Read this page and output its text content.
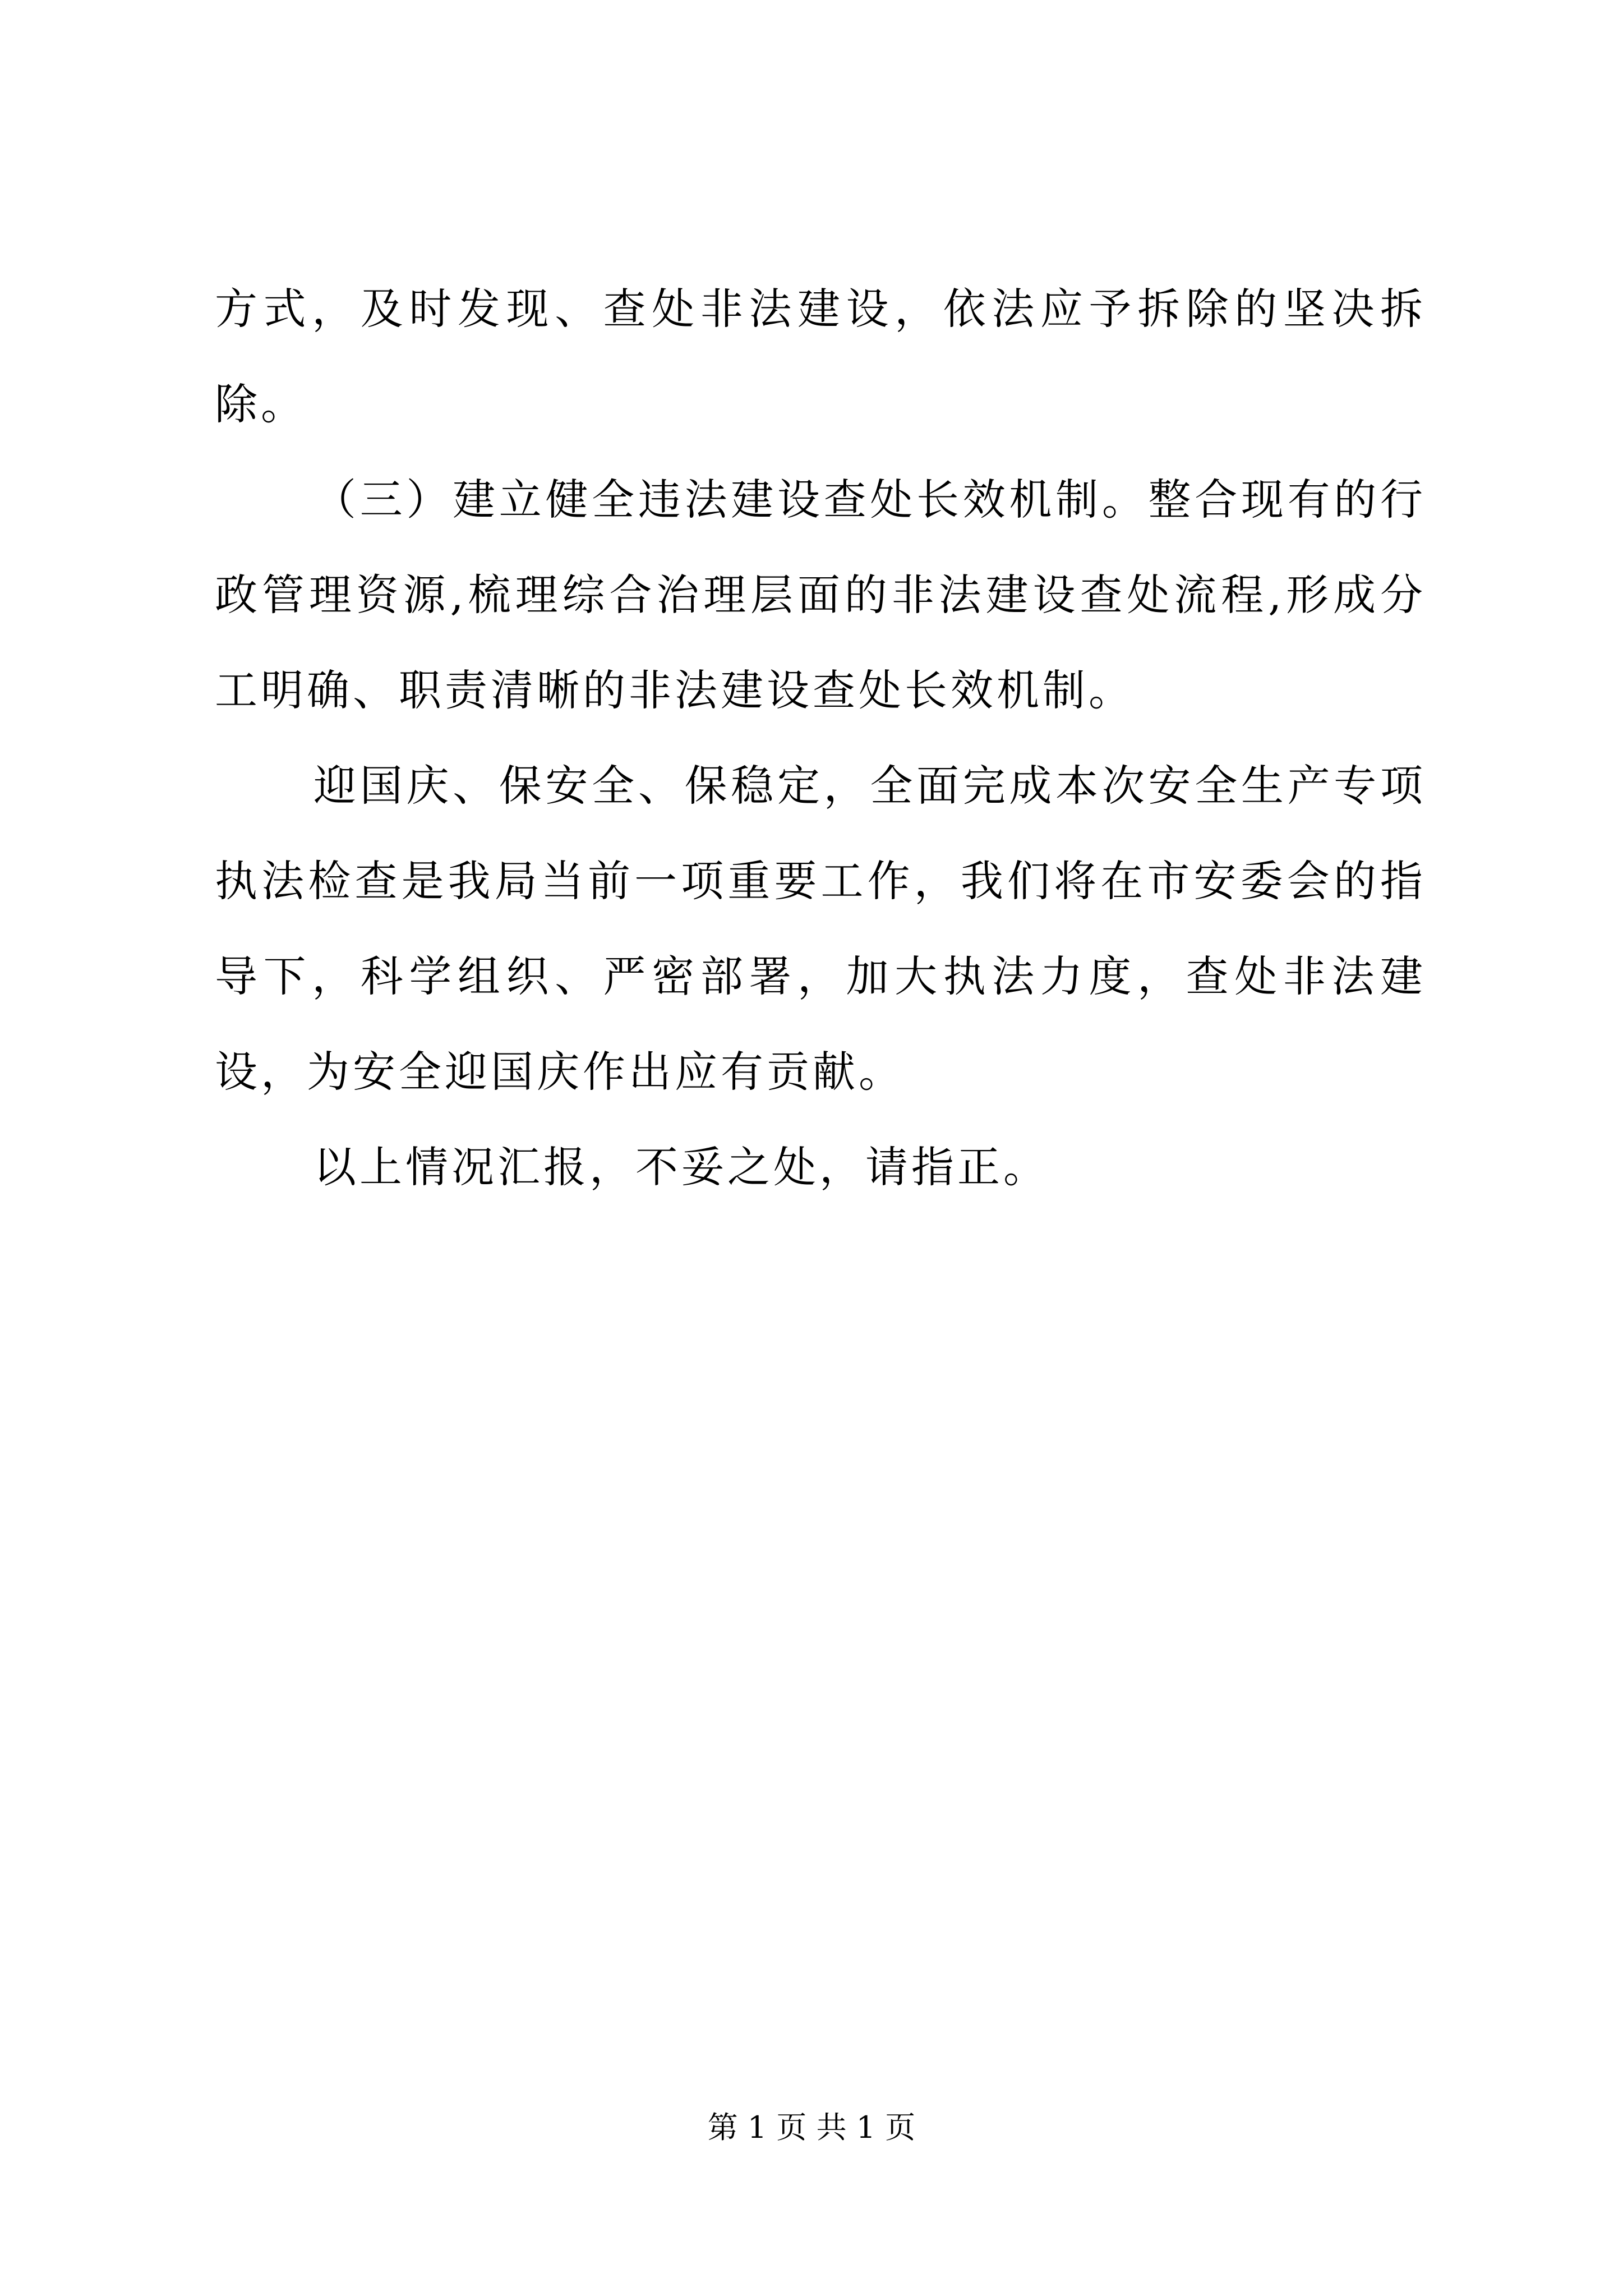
方式，及时发现、查处非法建设，依法应予拆除的坚决拆除。

（三）建立健全违法建设查处长效机制。整合现有的行政管理资源,梳理综合治理层面的非法建设查处流程,形成分工明确、职责清晰的非法建设查处长效机制。

迎国庆、保安全、保稳定，全面完成本次安全生产专项执法检查是我局当前一项重要工作，我们将在市安委会的指导下，科学组织、严密部署，加大执法力度，查处非法建设，为安全迎国庆作出应有贡献。

以上情况汇报，不妥之处，请指正。

第 1 页 共 1 页
